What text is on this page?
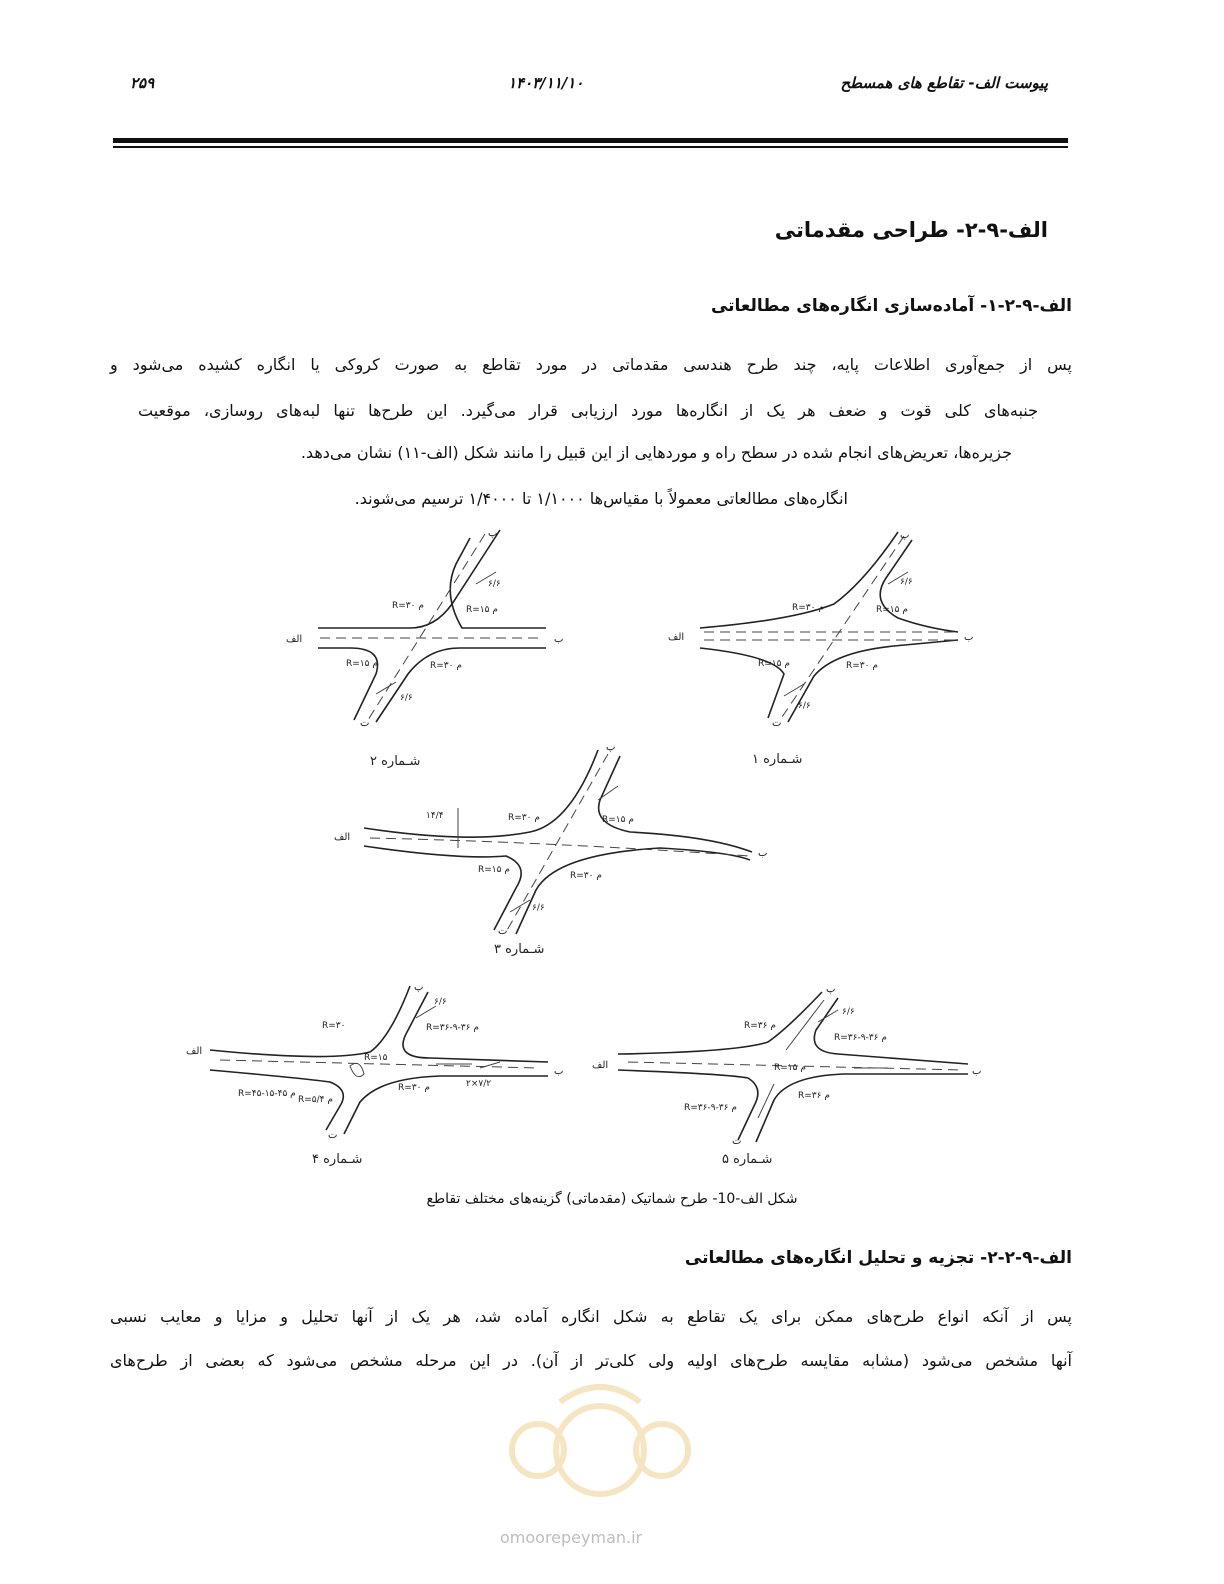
پیوست الف- تقاطع های همسطح
۱۴۰۳/۱۱/۱۰
۲۵۹
الف-۹-۲- طراحی مقدماتی
الف-۹-۲-۱- آماده‌سازی انگاره‌های مطالعاتی
پس از جمع‌آوری اطلاعات پایه، چند طرح هندسی مقدماتی در مورد تقاطع به صورت کروکی یا انگاره کشیده می‌شود و
جنبه‌های کلی قوت و ضعف هر یک از انگاره‌ها مورد ارزیابی قرار می‌گیرد. این طرح‌ها تنها لبه‌های روسازی، موقعیت
جزیره‌ها، تعریض‌های انجام شده در سطح راه و موردهایی از این قبیل را مانند شکل (الف-۱۱) نشان می‌دهد.
انگاره‌های مطالعاتی معمولاً با مقیاس‌ها ۱/۱۰۰۰ تا ۱/۴۰۰۰ ترسیم می‌شوند.
الف	ب
پ
ت
۶/۶
R=۳۰ م	R=۱۵ م
R=۱۵ م	R=۳۰ م
۶/۶
شـماره ۲
الف	ب
پ
ت
۶/۶
R=۳۰ م	R=۱۵ م
R=۱۵ م	R=۳۰ م
۶/۶
شـماره ۱
الف
ب
پ
ت
۱۴/۴	R=۳۰ م	R=۱۵ م
R=۱۵ م
R=۳۰ م
۶/۶
شـماره ۳
الف
ب
پ
ت
۶/۶
R=۳۰	R=۳۶-۹-۳۶ م
R=۱۵
R=۵/۴ م
R=۴۵-۱۵-۴۵ م
R=۳۰ م	۲×۷/۲
شـماره ۴
الف
ب
پ
ت
۶/۶
R=۳۶ م
R=۳۶-۹-۳۶ م
R=۱۵ م
R=۳۶ م
R=۳۶-۹-۳۶ م
شـماره ۵
شکل الف-10- طرح شماتیک (مقدماتی) گزینه‌های مختلف تقاطع
الف-۹-۲-۲- تجزیه و تحلیل انگاره‌های مطالعاتی
پس از آنکه انواع طرح‌های ممکن برای یک تقاطع به شکل انگاره آماده شد، هر یک از آنها تحلیل و مزایا و معایب نسبی
آنها مشخص می‌شود (مشابه مقایسه طرح‌های اولیه ولی کلی‌تر از آن). در این مرحله مشخص می‌شود که بعضی از طرح‌های
omoorepeyman.ir
